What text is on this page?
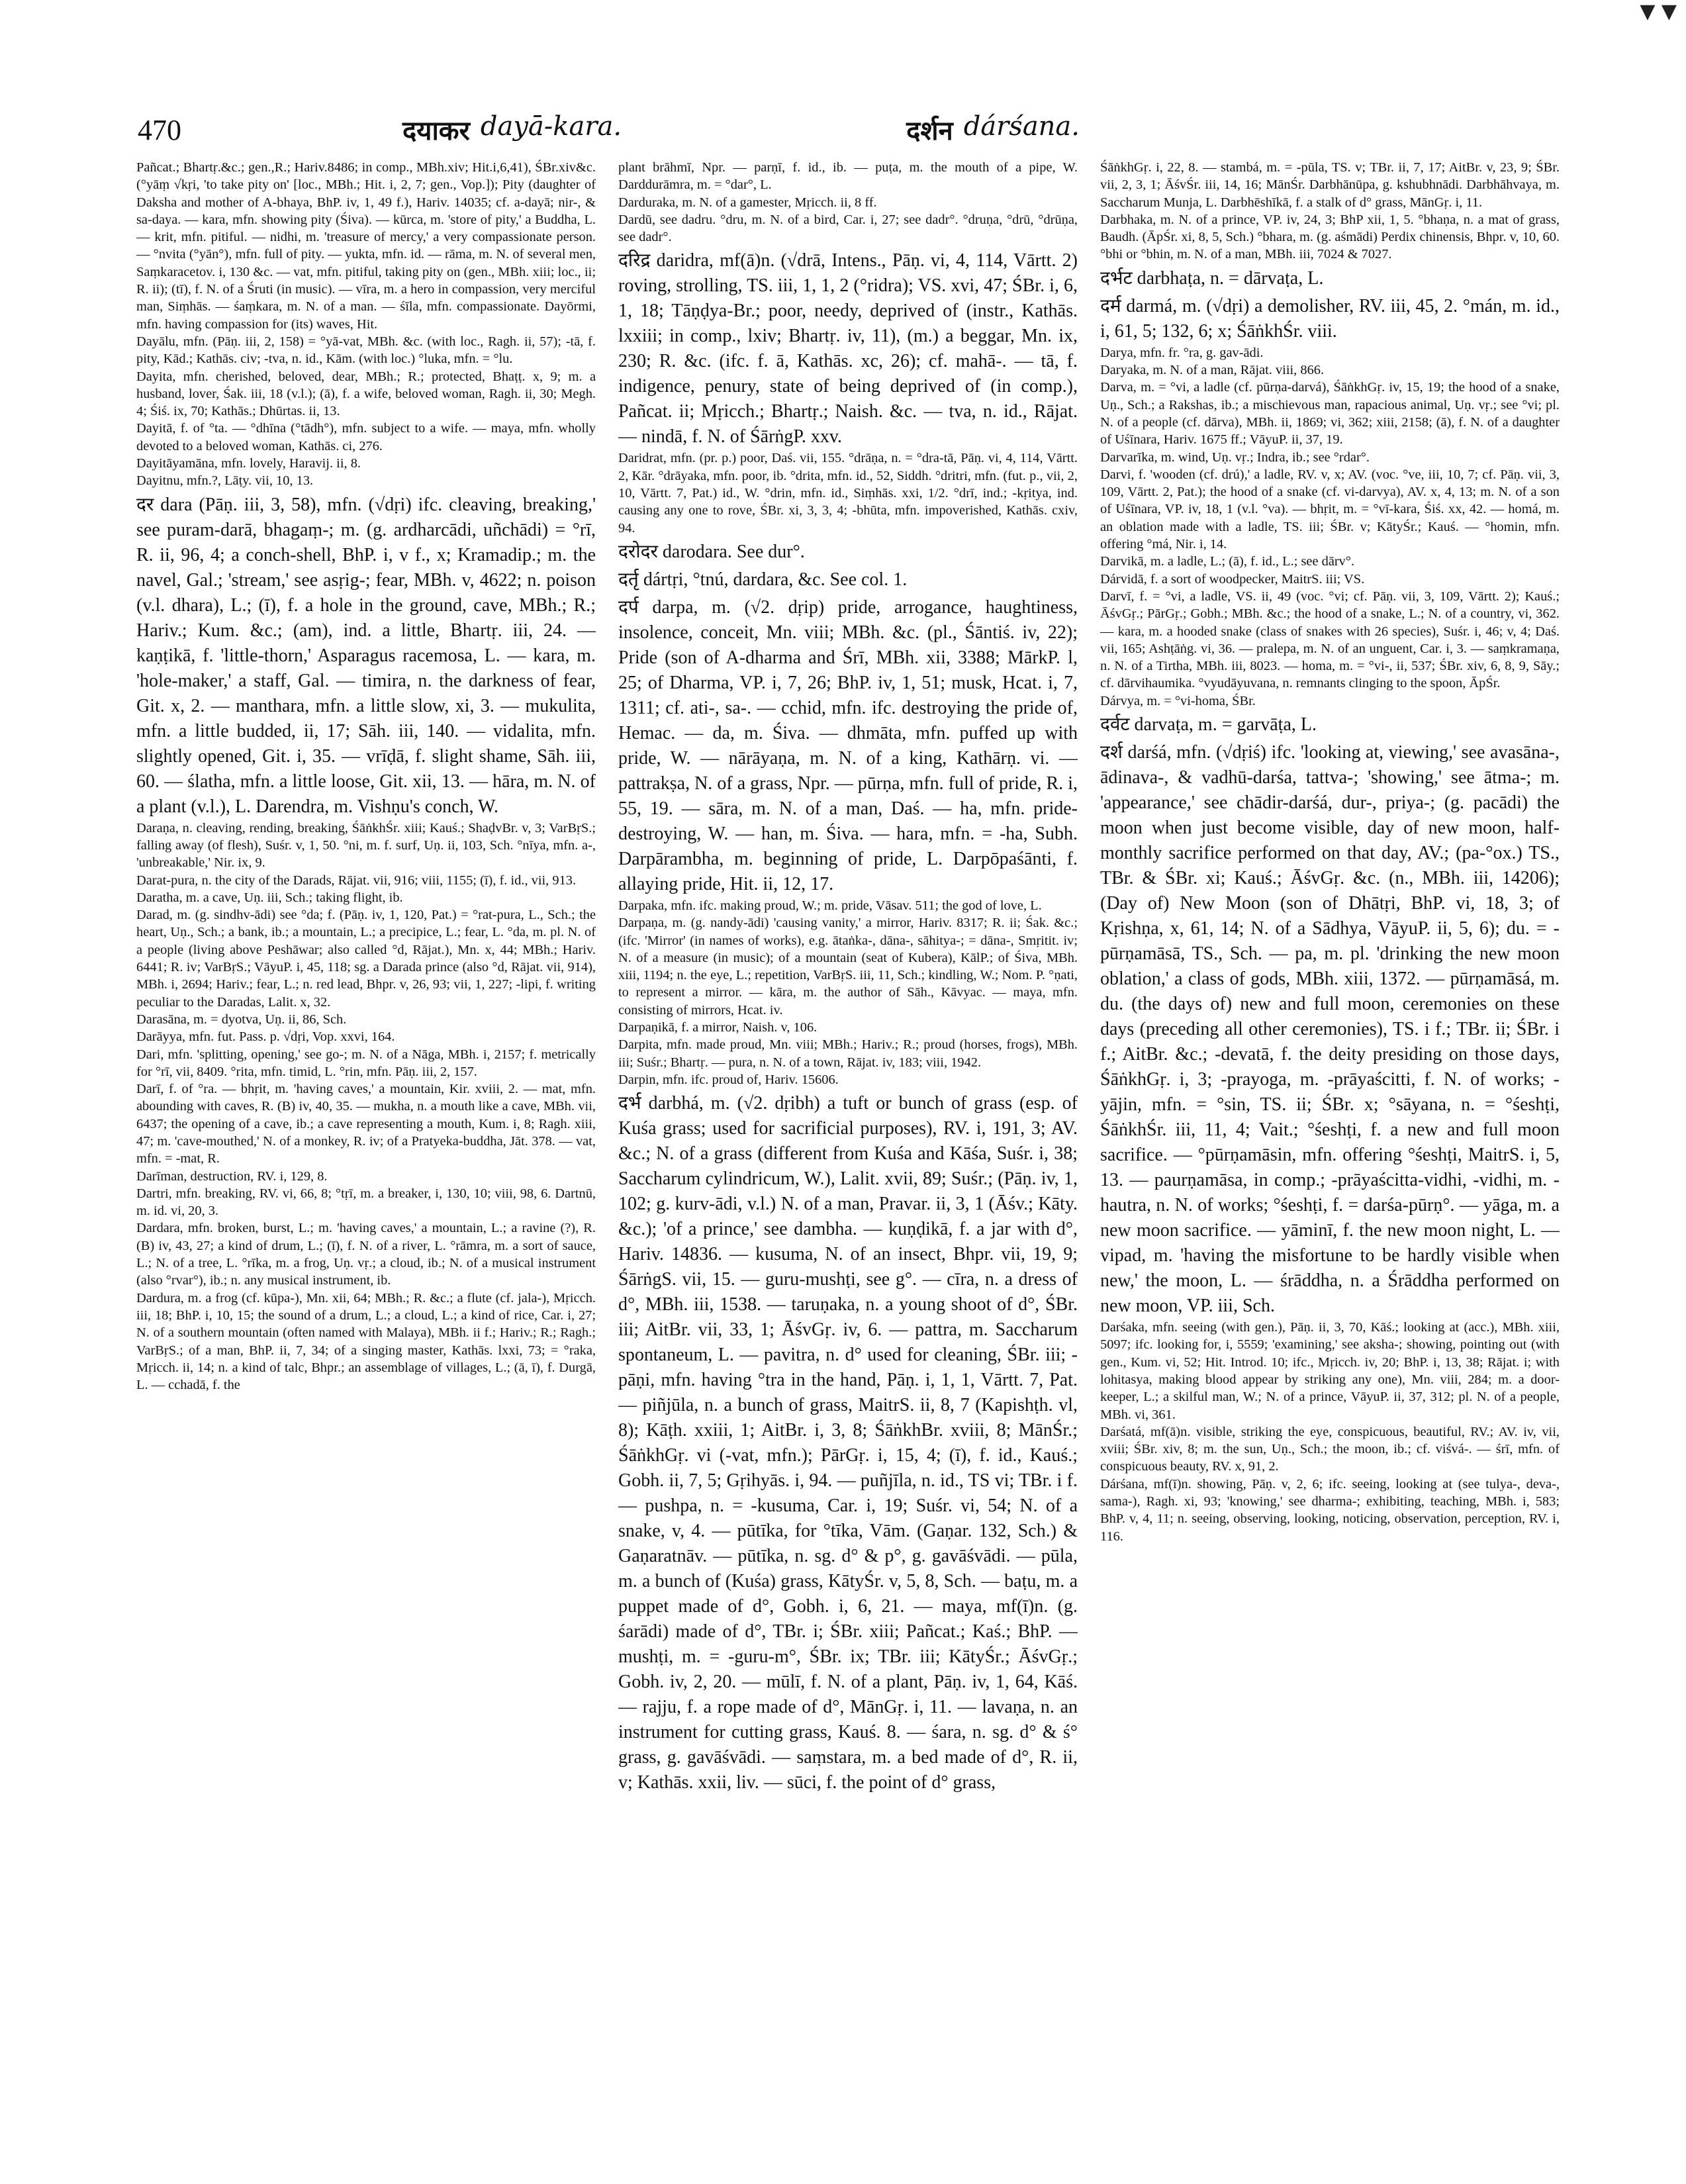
▼ ▼
470	दयाकर dayā-kara.	दर्शन dárśana.

Pañcat.; Bhartṛ.&c.; gen.,R.; Hariv.8486; in comp., MBh.xiv; Hit.i,6,41), ŚBr.xiv&c.(°yāṃ √kṛi, 'to take pity on' [loc., MBh.; Hit. i, 2, 7; gen., Vop.]); Pity (daughter of Daksha and mother of A-bhaya, BhP. iv, 1, 49 f.), Hariv. 14035; cf. a-dayā; nir-, & sa-daya. — kara, mfn. showing pity (Śiva). — kūrca, m. 'store of pity,' a Buddha, L. — krit, mfn. pitiful. — nidhi, m. 'treasure of mercy,' a very compassionate person. — °nvita (°yān°), mfn. full of pity. — yukta, mfn. id. — rāma, m. N. of several men, Saṃkaracetov. i, 130 &c. — vat, mfn. pitiful, taking pity on (gen., MBh. xiii; loc., ii; R. ii); (tī), f. N. of a Śruti (in music). — vīra, m. a hero in compassion, very merciful man, Siṃhās. — śaṃkara, m. N. of a man. — śīla, mfn. compassionate. Dayōrmi, mfn. having compassion for (its) waves, Hit.

Dayālu, mfn. (Pāṇ. iii, 2, 158) = °yā-vat, MBh. &c. (with loc., Ragh. ii, 57); -tā, f. pity, Kād.; Kathās. civ; -tva, n. id., Kām. (with loc.) °luka, mfn. = °lu.

Dayita, mfn. cherished, beloved, dear, MBh.; R.; protected, Bhaṭṭ. x, 9; m. a husband, lover, Śak. iii, 18 (v.l.); (ā), f. a wife, beloved woman, Ragh. ii, 30; Megh. 4; Śiś. ix, 70; Kathās.; Dhūrtas. ii, 13.

Dayitā, f. of °ta. — °dhīna (°tādh°), mfn. subject to a wife. — maya, mfn. wholly devoted to a beloved woman, Kathās. ci, 276.

Dayitāyamāna, mfn. lovely, Haravij. ii, 8.

Dayitnu, mfn.?, Lāṭy. vii, 10, 13.

दर dara (Pāṇ. iii, 3, 58), mfn. (√dṛi) ifc. cleaving, breaking,' see puram-darā, bhagaṃ-; m. (g. ardharcādi, uñchādi) = °rī, R. ii, 96, 4; a conch-shell, BhP. i, v f., x; Kramadip.; m. the navel, Gal.; 'stream,' see asṛig-; fear, MBh. v, 4622; n. poison (v.l. dhara), L.; (ī), f. a hole in the ground, cave, MBh.; R.; Hariv.; Kum. &c.; (am), ind. a little, Bhartṛ. iii, 24. — kaṇṭikā, f. 'little-thorn,' Asparagus racemosa, L. — kara, m. 'hole-maker,' a staff, Gal. — timira, n. the darkness of fear, Git. x, 2. — manthara, mfn. a little slow, xi, 3. — mukulita, mfn. a little budded, ii, 17; Sāh. iii, 140. — vidalita, mfn. slightly opened, Git. i, 35. — vrīḍā, f. slight shame, Sāh. iii, 60. — ślatha, mfn. a little loose, Git. xii, 13. — hāra, m. N. of a plant (v.l.), L. Darendra, m. Vishṇu's conch, W.

Daraṇa, n. cleaving, rending, breaking, ŚāṅkhŚr. xiii; Kauś.; ShaḍvBr. v, 3; VarBṛS.; falling away (of flesh), Suśr. v, 1, 50. °ni, m. f. surf, Uṇ. ii, 103, Sch. °nīya, mfn. a-, 'unbreakable,' Nir. ix, 9.

Darat-pura, n. the city of the Darads, Rājat. vii, 916; viii, 1155; (ī), f. id., vii, 913.

Daratha, m. a cave, Uṇ. iii, Sch.; taking flight, ib.

Darad, m. (g. sindhv-ādi) see °da; f. (Pāṇ. iv, 1, 120, Pat.) = °rat-pura, L., Sch.; the heart, Uṇ., Sch.; a bank, ib.; a mountain, L.; a precipice, L.; fear, L. °da, m. pl. N. of a people (living above Peshāwar; also called °d, Rājat.), Mn. x, 44; MBh.; Hariv. 6441; R. iv; VarBṛS.; VāyuP. i, 45, 118; sg. a Darada prince (also °d, Rājat. vii, 914), MBh. i, 2694; Hariv.; fear, L.; n. red lead, Bhpr. v, 26, 93; vii, 1, 227; -lipi, f. writing peculiar to the Daradas, Lalit. x, 32.

Darasāna, m. = dyotva, Uṇ. ii, 86, Sch.

Darāyya, mfn. fut. Pass. p. √dṛi, Vop. xxvi, 164.

Dari, mfn. 'splitting, opening,' see go-; m. N. of a Nāga, MBh. i, 2157; f. metrically for °rī, vii, 8409. °rita, mfn. timid, L. °rin, mfn. Pāṇ. iii, 2, 157.

Darī, f. of °ra. — bhṛit, m. 'having caves,' a mountain, Kir. xviii, 2. — mat, mfn. abounding with caves, R. (B) iv, 40, 35. — mukha, n. a mouth like a cave, MBh. vii, 6437; the opening of a cave, ib.; a cave representing a mouth, Kum. i, 8; Ragh. xiii, 47; m. 'cave-mouthed,' N. of a monkey, R. iv; of a Pratyeka-buddha, Jāt. 378. — vat, mfn. = -mat, R.

Darīman, destruction, RV. i, 129, 8.

Dartri, mfn. breaking, RV. vi, 66, 8; °tṛī, m. a breaker, i, 130, 10; viii, 98, 6. Dartnū, m. id. vi, 20, 3.

Dardara, mfn. broken, burst, L.; m. 'having caves,' a mountain, L.; a ravine (?), R. (B) iv, 43, 27; a kind of drum, L.; (ī), f. N. of a river, L. °rāmra, m. a sort of sauce, L.; N. of a tree, L. °rīka, m. a frog, Uṇ. vṛ.; a cloud, ib.; N. of a musical instrument (also °rvar°), ib.; n. any musical instrument, ib.

Dardura, m. a frog (cf. kūpa-), Mn. xii, 64; MBh.; R. &c.; a flute (cf. jala-), Mṛicch. iii, 18; BhP. i, 10, 15; the sound of a drum, L.; a cloud, L.; a kind of rice, Car. i, 27; N. of a southern mountain (often named with Malaya), MBh. ii f.; Hariv.; R.; Ragh.; VarBṛS.; of a man, BhP. ii, 7, 34; of a singing master, Kathās. lxxi, 73; = °raka, Mṛicch. ii, 14; n. a kind of talc, Bhpr.; an assemblage of villages, L.; (ā, ī), f. Durgā, L. — cchadā, f. the

plant brāhmī, Npr. — parṇī, f. id., ib. — puṭa, m. the mouth of a pipe, W. Darddurāmra, m. = °dar°, L.

Darduraka, m. N. of a gamester, Mṛicch. ii, 8 ff.

Dardū, see dadru. °dru, m. N. of a bird, Car. i, 27; see dadr°. °druṇa, °drū, °drūṇa, see dadr°.

दरिद्र daridra, mf(ā)n. (√drā, Intens., Pāṇ. vi, 4, 114, Vārtt. 2) roving, strolling, TS. iii, 1, 1, 2 (°ridra); VS. xvi, 47; ŚBr. i, 6, 1, 18; Tāṇḍya-Br.; poor, needy, deprived of (instr., Kathās. lxxiii; in comp., lxiv; Bhartṛ. iv, 11), (m.) a beggar, Mn. ix, 230; R. &c. (ifc. f. ā, Kathās. xc, 26); cf. mahā-. — tā, f. indigence, penury, state of being deprived of (in comp.), Pañcat. ii; Mṛicch.; Bhartṛ.; Naish. &c. — tva, n. id., Rājat. — nindā, f. N. of ŚārṅgP. xxv.

Daridrat, mfn. (pr. p.) poor, Daś. vii, 155. °drāṇa, n. = °dra-tā, Pāṇ. vi, 4, 114, Vārtt. 2, Kār. °drāyaka, mfn. poor, ib. °drita, mfn. id., 52, Siddh. °dritri, mfn. (fut. p., vii, 2, 10, Vārtt. 7, Pat.) id., W. °drin, mfn. id., Siṃhās. xxi, 1/2. °drī, ind.; -kṛitya, ind. causing any one to rove, ŚBr. xi, 3, 3, 4; -bhūta, mfn. impoverished, Kathās. cxiv, 94.

दरोदर darodara. See dur°.

दर्तृ dártṛi, °tnú, dardara, &c. See col. 1.

दर्प darpa, m. (√2. dṛip) pride, arrogance, haughtiness, insolence, conceit, Mn. viii; MBh. &c. (pl., Śāntiś. iv, 22); Pride (son of A-dharma and Śrī, MBh. xii, 3388; MārkP. l, 25; of Dharma, VP. i, 7, 26; BhP. iv, 1, 51; musk, Hcat. i, 7, 1311; cf. ati-, sa-. — cchid, mfn. ifc. destroying the pride of, Hemac. — da, m. Śiva. — dhmāta, mfn. puffed up with pride, W. — nārāyaṇa, m. N. of a king, Kathārṇ. vi. — pattrakṣa, N. of a grass, Npr. — pūrṇa, mfn. full of pride, R. i, 55, 19. — sāra, m. N. of a man, Daś. — ha, mfn. pride-destroying, W. — han, m. Śiva. — hara, mfn. = -ha, Subh. Darpārambha, m. beginning of pride, L. Darpōpaśānti, f. allaying pride, Hit. ii, 12, 17.

Darpaka, mfn. ifc. making proud, W.; m. pride, Vāsav. 511; the god of love, L.

Darpaṇa, m. (g. nandy-ādi) 'causing vanity,' a mirror, Hariv. 8317; R. ii; Śak. &c.; (ifc. 'Mirror' (in names of works), e.g. ātaṅka-, dāna-, sāhitya-; = dāna-, Smṛitit. iv; N. of a measure (in music); of a mountain (seat of Kubera), KālP.; of Śiva, MBh. xiii, 1194; n. the eye, L.; repetition, VarBṛS. iii, 11, Sch.; kindling, W.; Nom. P. °ṇati, to represent a mirror. — kāra, m. the author of Sāh., Kāvyac. — maya, mfn. consisting of mirrors, Hcat. iv.

Darpaṇikā, f. a mirror, Naish. v, 106.

Darpita, mfn. made proud, Mn. viii; MBh.; Hariv.; R.; proud (horses, frogs), MBh. iii; Suśr.; Bhartṛ. — pura, n. N. of a town, Rājat. iv, 183; viii, 1942.

Darpin, mfn. ifc. proud of, Hariv. 15606.

दर्भ darbhá, m. (√2. dṛibh) a tuft or bunch of grass (esp. of Kuśa grass; used for sacrificial purposes), RV. i, 191, 3; AV. &c.; N. of a grass (different from Kuśa and Kāśa, Suśr. i, 38; Saccharum cylindricum, W.), Lalit. xvii, 89; Suśr.; (Pāṇ. iv, 1, 102; g. kurv-ādi, v.l.) N. of a man, Pravar. ii, 3, 1 (Āśv.; Kāty. &c.); 'of a prince,' see dambha. — kuṇḍikā, f. a jar with d°, Hariv. 14836. — kusuma, N. of an insect, Bhpr. vii, 19, 9; ŚārṅgS. vii, 15. — guru-mushṭi, see g°. — cīra, n. a dress of d°, MBh. iii, 1538. — taruṇaka, n. a young shoot of d°, ŚBr. iii; AitBr. vii, 33, 1; ĀśvGṛ. iv, 6. — pattra, m. Saccharum spontaneum, L. — pavitra, n. d° used for cleaning, ŚBr. iii; -pāṇi, mfn. having °tra in the hand, Pāṇ. i, 1, 1, Vārtt. 7, Pat. — piñjūla, n. a bunch of grass, MaitrS. ii, 8, 7 (Kapishṭh. vl, 8); Kāṭh. xxiii, 1; AitBr. i, 3, 8; ŚāṅkhBr. xviii, 8; MānŚr.; ŚāṅkhGṛ. vi (-vat, mfn.); PārGṛ. i, 15, 4; (ī), f. id., Kauś.; Gobh. ii, 7, 5; Gṛihyās. i, 94. — puñjīla, n. id., TS vi; TBr. i f. — pushpa, n. = -kusuma, Car. i, 19; Suśr. vi, 54; N. of a snake, v, 4. — pūtīka, for °tīka, Vām. (Gaṇar. 132, Sch.) & Gaṇaratnāv. — pūtīka, n. sg. d° & p°, g. gavāśvādi. — pūla, m. a bunch of (Kuśa) grass, KātyŚr. v, 5, 8, Sch. — baṭu, m. a puppet made of d°, Gobh. i, 6, 21. — maya, mf(ī)n. (g. śarādi) made of d°, TBr. i; ŚBr. xiii; Pañcat.; Kaś.; BhP. — mushṭi, m. = -guru-m°, ŚBr. ix; TBr. iii; KātyŚr.; ĀśvGṛ.; Gobh. iv, 2, 20. — mūlī, f. N. of a plant, Pāṇ. iv, 1, 64, Kāś. — rajju, f. a rope made of d°, MānGṛ. i, 11. — lavaṇa, n. an instrument for cutting grass, Kauś. 8. — śara, n. sg. d° & ś° grass, g. gavāśvādi. — saṃstara, m. a bed made of d°, R. ii, v; Kathās. xxii, liv. — sūci, f. the point of d° grass,

ŚāṅkhGṛ. i, 22, 8. — stambá, m. = -pūla, TS. v; TBr. ii, 7, 17; AitBr. v, 23, 9; ŚBr. vii, 2, 3, 1; ĀśvŚr. iii, 14, 16; MānŚr. Darbhānūpa, g. kshubhnādi. Darbhāhvaya, m. Saccharum Munja, L. Darbhēshīkā, f. a stalk of d° grass, MānGṛ. i, 11.

Darbhaka, m. N. of a prince, VP. iv, 24, 3; BhP xii, 1, 5. °bhaṇa, n. a mat of grass, Baudh. (ĀpŚr. xi, 8, 5, Sch.) °bhara, m. (g. aśmādi) Perdix chinensis, Bhpr. v, 10, 60. °bhi or °bhin, m. N. of a man, MBh. iii, 7024 & 7027.

दर्भट darbhaṭa, n. = dārvaṭa, L.

दर्म darmá, m. (√dṛi) a demolisher, RV. iii, 45, 2. °mán, m. id., i, 61, 5; 132, 6; x; ŚāṅkhŚr. viii.

Darya, mfn. fr. °ra, g. gav-ādi.

Daryaka, m. N. of a man, Rājat. viii, 866.

Darva, m. = °vi, a ladle (cf. pūrṇa-darvá), ŚāṅkhGṛ. iv, 15, 19; the hood of a snake, Uṇ., Sch.; a Rakshas, ib.; a mischievous man, rapacious animal, Uṇ. vṛ.; see °vi; pl. N. of a people (cf. dārva), MBh. ii, 1869; vi, 362; xiii, 2158; (ā), f. N. of a daughter of Uśīnara, Hariv. 1675 ff.; VāyuP. ii, 37, 19.

Darvarīka, m. wind, Uṇ. vṛ.; Indra, ib.; see °rdar°.

Darvi, f. 'wooden (cf. drú),' a ladle, RV. v, x; AV. (voc. °ve, iii, 10, 7; cf. Pāṇ. vii, 3, 109, Vārtt. 2, Pat.); the hood of a snake (cf. vi-darvya), AV. x, 4, 13; m. N. of a son of Uśīnara, VP. iv, 18, 1 (v.l. °va). — bhṛit, m. = °vī-kara, Śiś. xx, 42. — homá, m. an oblation made with a ladle, TS. iii; ŚBr. v; KātyŚr.; Kauś. — °homin, mfn. offering °má, Nir. i, 14.

Darvikā, m. a ladle, L.; (ā), f. id., L.; see dārv°.

Dárvidā, f. a sort of woodpecker, MaitrS. iii; VS.

Darvī, f. = °vi, a ladle, VS. ii, 49 (voc. °vi; cf. Pāṇ. vii, 3, 109, Vārtt. 2); Kauś.; ĀśvGṛ.; PārGṛ.; Gobh.; MBh. &c.; the hood of a snake, L.; N. of a country, vi, 362. — kara, m. a hooded snake (class of snakes with 26 species), Suśr. i, 46; v, 4; Daś. vii, 165; Ashṭāṅg. vi, 36. — pralepa, m. N. of an unguent, Car. i, 3. — saṃkramaṇa, n. N. of a Tirtha, MBh. iii, 8023. — homa, m. = °vi-, ii, 537; ŚBr. xiv, 6, 8, 9, Sāy.; cf. dārvihaumika. °vyudāyuvana, n. remnants clinging to the spoon, ĀpŚr.

Dárvya, m. = °vi-homa, ŚBr.

दर्वट darvaṭa, m. = garvāṭa, L.

दर्श darśá, mfn. (√dṛiś) ifc. 'looking at, viewing,' see avasāna-, ādinava-, & vadhū-darśa, tattva-; 'showing,' see ātma-; m. 'appearance,' see chādir-darśá, dur-, priya-; (g. pacādi) the moon when just become visible, day of new moon, half-monthly sacrifice performed on that day, AV.; (pa-°ox.) TS., TBr. & ŚBr. xi; Kauś.; ĀśvGṛ. &c. (n., MBh. iii, 14206); (Day of) New Moon (son of Dhātṛi, BhP. vi, 18, 3; of Kṛishṇa, x, 61, 14; N. of a Sādhya, VāyuP. ii, 5, 6); du. = -pūrṇamāsā, TS., Sch. — pa, m. pl. 'drinking the new moon oblation,' a class of gods, MBh. xiii, 1372. — pūrṇamāsá, m. du. (the days of) new and full moon, ceremonies on these days (preceding all other ceremonies), TS. i f.; TBr. ii; ŚBr. i f.; AitBr. &c.; -devatā, f. the deity presiding on those days, ŚāṅkhGṛ. i, 3; -prayoga, m. -prāyaścitti, f. N. of works; -yājin, mfn. = °sin, TS. ii; ŚBr. x; °sāyana, n. = °śeshṭi, ŚāṅkhŚr. iii, 11, 4; Vait.; °śeshṭi, f. a new and full moon sacrifice. — °pūrṇamāsin, mfn. offering °śeshṭi, MaitrS. i, 5, 13. — paurṇamāsa, in comp.; -prāyaścitta-vidhi, -vidhi, m. -hautra, n. N. of works; °śeshṭi, f. = darśa-pūrṇ°. — yāga, m. a new moon sacrifice. — yāminī, f. the new moon night, L. — vipad, m. 'having the misfortune to be hardly visible when new,' the moon, L. — śrāddha, n. a Śrāddha performed on new moon, VP. iii, Sch.

Darśaka, mfn. seeing (with gen.), Pāṇ. ii, 3, 70, Kāś.; looking at (acc.), MBh. xiii, 5097; ifc. looking for, i, 5559; 'examining,' see aksha-; showing, pointing out (with gen., Kum. vi, 52; Hit. Introd. 10; ifc., Mṛicch. iv, 20; BhP. i, 13, 38; Rājat. i; with lohitasya, making blood appear by striking any one), Mn. viii, 284; m. a door-keeper, L.; a skilful man, W.; N. of a prince, VāyuP. ii, 37, 312; pl. N. of a people, MBh. vi, 361.

Darśatá, mf(ā)n. visible, striking the eye, conspicuous, beautiful, RV.; AV. iv, vii, xviii; ŚBr. xiv, 8; m. the sun, Uṇ., Sch.; the moon, ib.; cf. viśvá-. — śrī, mfn. of conspicuous beauty, RV. x, 91, 2.

Dárśana, mf(ī)n. showing, Pāṇ. v, 2, 6; ifc. seeing, looking at (see tulya-, deva-, sama-), Ragh. xi, 93; 'knowing,' see dharma-; exhibiting, teaching, MBh. i, 583; BhP. v, 4, 11; n. seeing, observing, looking, noticing, observation, perception, RV. i, 116.
